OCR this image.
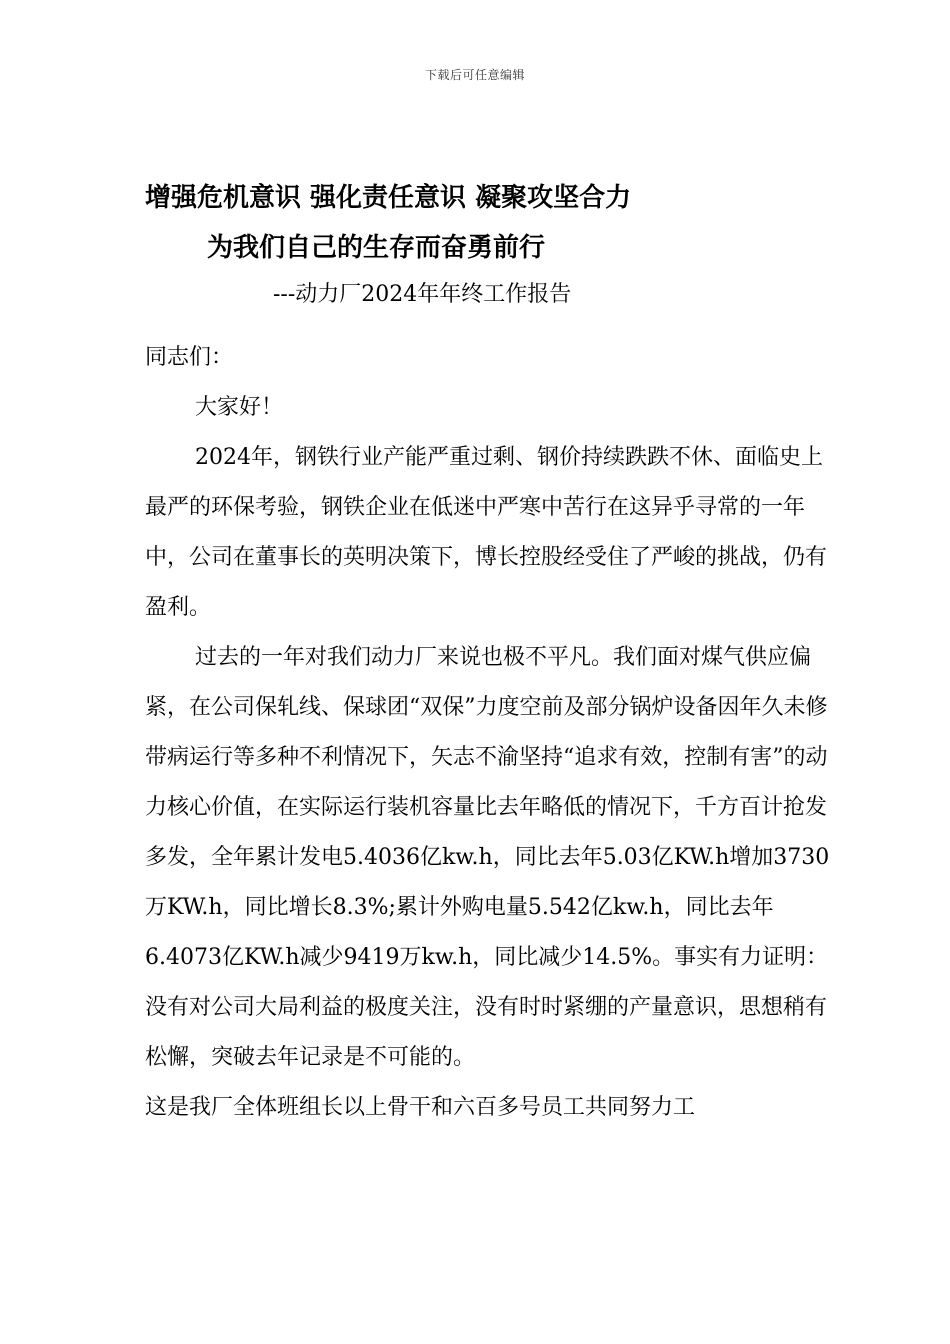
下载后可任意编辑
增强危机意识 强化责任意识 凝聚攻坚合力
为我们自己的生存而奋勇前行
---动力厂2024年年终工作报告

同志们：

大家好！

2024年，钢铁行业产能严重过剩、钢价持续跌跌不休、面临史上最严的环保考验，钢铁企业在低迷中严寒中苦行在这异乎寻常的一年中，公司在董事长的英明决策下，博长控股经受住了严峻的挑战，仍有盈利。

过去的一年对我们动力厂来说也极不平凡。我们面对煤气供应偏紧，在公司保轧线、保球团“双保”力度空前及部分锅炉设备因年久未修带病运行等多种不利情况下，矢志不渝坚持“追求有效，控制有害”的动力核心价值，在实际运行装机容量比去年略低的情况下，千方百计抢发多发，全年累计发电5.4036亿kw.h，同比去年5.03亿KW.h增加3730万KW.h，同比增长8.3%;累计外购电量5.542亿kw.h，同比去年6.4073亿KW.h减少9419万kw.h，同比减少14.5%。事实有力证明：没有对公司大局利益的极度关注，没有时时紧绷的产量意识，思想稍有松懈，突破去年记录是不可能的。

这是我厂全体班组长以上骨干和六百多号员工共同努力工
